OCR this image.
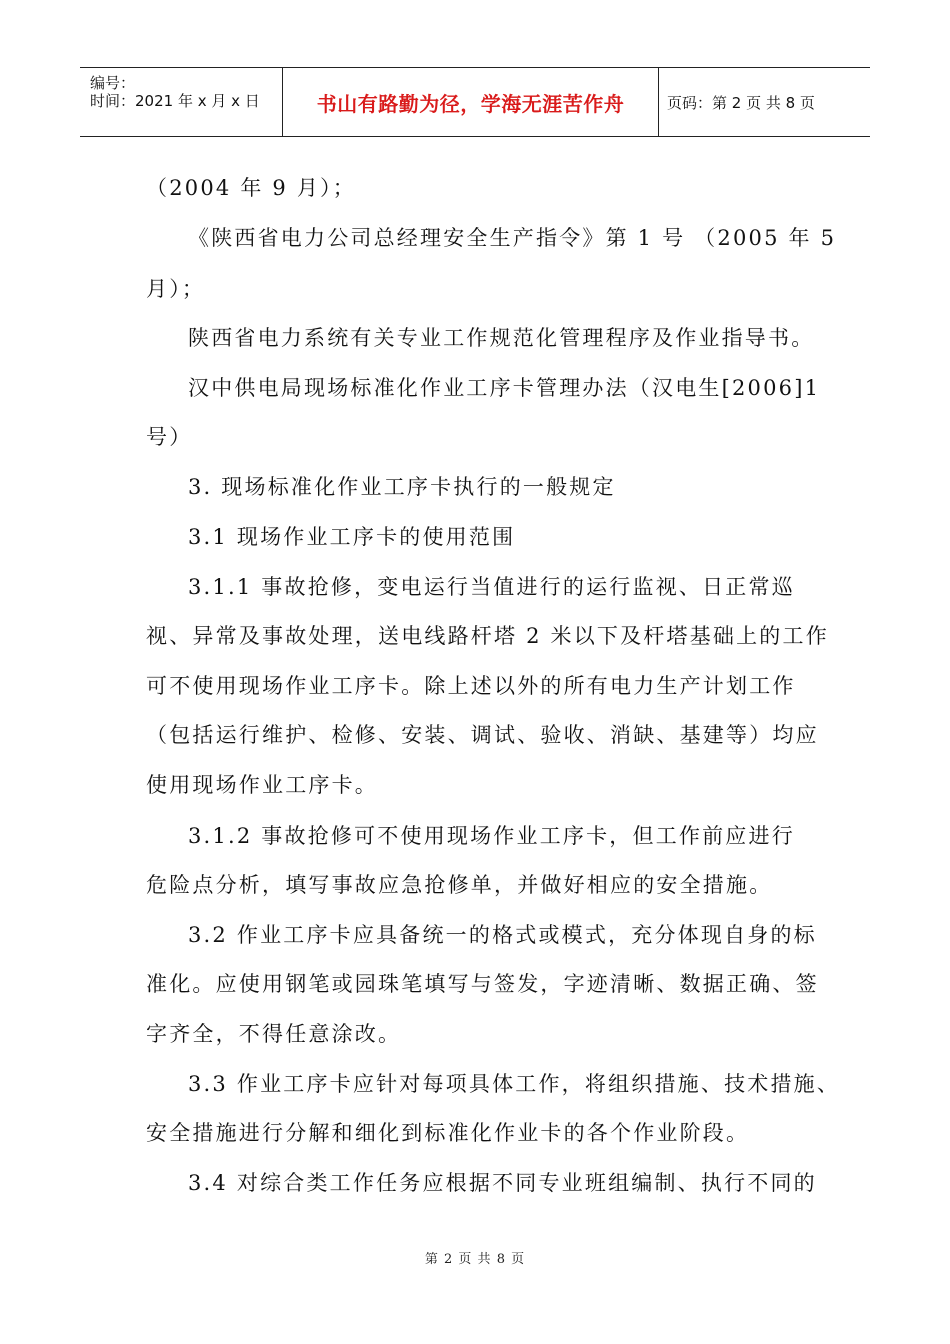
编号：
时间：2021 年 x 月 x 日	书山有路勤为径，学海无涯苦作舟	页码：第 2 页 共 8 页
（2004 年 9 月）；
《陕西省电力公司总经理安全生产指令》第 1 号 （2005 年 5
月）；
陕西省电力系统有关专业工作规范化管理程序及作业指导书。
汉中供电局现场标准化作业工序卡管理办法（汉电生[2006]1
号）
3. 现场标准化作业工序卡执行的一般规定
3.1 现场作业工序卡的使用范围
3.1.1 事故抢修，变电运行当值进行的运行监视、日正常巡
视、异常及事故处理，送电线路杆塔 2 米以下及杆塔基础上的工作
可不使用现场作业工序卡。除上述以外的所有电力生产计划工作
（包括运行维护、检修、安装、调试、验收、消缺、基建等）均应
使用现场作业工序卡。
3.1.2 事故抢修可不使用现场作业工序卡，但工作前应进行
危险点分析，填写事故应急抢修单，并做好相应的安全措施。
3.2 作业工序卡应具备统一的格式或模式，充分体现自身的标
准化。应使用钢笔或园珠笔填写与签发，字迹清晰、数据正确、签
字齐全，不得任意涂改。
3.3 作业工序卡应针对每项具体工作，将组织措施、技术措施、
安全措施进行分解和细化到标准化作业卡的各个作业阶段。
3.4 对综合类工作任务应根据不同专业班组编制、执行不同的
第 2 页 共 8 页
